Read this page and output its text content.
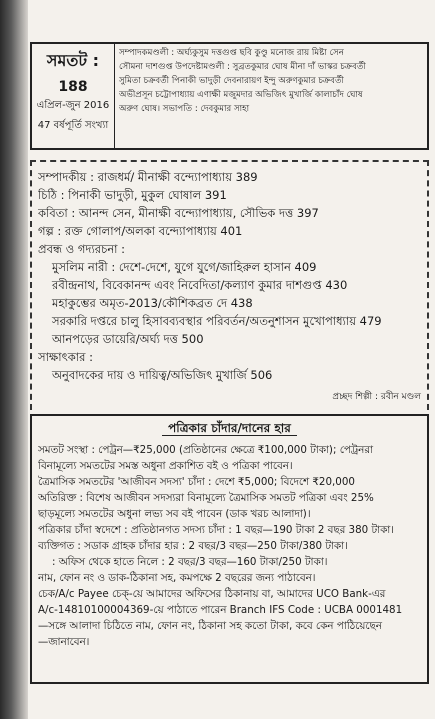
সমতট :
188
এপ্রিল-জুন 2016
47 বর্ষপূর্তি সংখ্যা
সম্পাদকমণ্ডলী : অর্ঘ্যকুসুম দত্তগুপ্ত ছবি কুণ্ডু মনোজ রায় মিষ্টা সেন
সৌমনা দাশগুপ্ত উপদেষ্টামণ্ডলী : সুব্রতকুমার ঘোষ মীনা দাঁ ভাস্কর চক্রবর্তী
সুমিতা চক্রবর্তী পিনাকী ভাদুড়ী দেবনারায়ণ ইন্দু অরুণকুমার চক্রবর্তী
অভীপ্রসূন চট্টোপাধ্যায় এণাক্ষী মজুমদার অভিজিৎ মুখার্জি কালাচাঁদ ঘোষ
অরুণ ঘোষ। সভাপতি : দেবকুমার সাহা
সম্পাদকীয় : রাজধর্ম/ মীনাক্ষী বন্দ্যোপাধ্যায় 389
চিঠি : পিনাকী ভাদুড়ী, মুকুল ঘোষাল 391
কবিতা : আনন্দ সেন, মীনাক্ষী বন্দ্যোপাধ্যায়, সৌভিক দত্ত 397
গল্প : রক্ত গোলাপ/অলকা বন্দ্যোপাধ্যায় 401
প্রবন্ধ ও গদ্যরচনা :
মুসলিম নারী : দেশে-দেশে, যুগে যুগে/জাহিরুল হাসান 409
রবীন্দ্রনাথ, বিবেকানন্দ এবং নিবেদিতা/কল্যাণ কুমার দাশগুপ্ত 430
মহাকুম্ভের অমৃত-2013/কৌশিকব্রত দে 438
সরকারি দপ্তরে চালু হিসাবব্যবস্থার পরিবর্তন/অতনুশাসন মুখোপাধ্যায় 479
আনপড়ের ডায়েরি/অর্ঘ্য দত্ত 500
সাক্ষাৎকার :
অনুবাদকের দায় ও দায়িত্ব/অভিজিৎ মুখার্জি 506
প্রচ্ছদ শিল্পী : রবীন মণ্ডল
পত্রিকার চাঁদার/দানের হার
সমতট সংস্থা : পেট্রন—₹25,000 (প্রতিষ্ঠানের ক্ষেত্রে ₹100,000 টাকা); পেট্রনরা
বিনামূল্যে সমতটের সমস্ত অধুনা প্রকাশিত বই ও পত্রিকা পাবেন।
ত্রৈমাসিক সমতটের 'আজীবন সদস্য' চাঁদা : দেশে ₹5,000; বিদেশে ₹20,000
অতিরিক্ত : বিশেষ আজীবন সদস্যরা বিনামূল্যে ত্রৈমাসিক সমতট পত্রিকা এবং 25%
ছাড়মূল্যে সমতটের অধুনা লভ্য সব বই পাবেন (ডাক খরচ আলাদা)।
পত্রিকার চাঁদা স্বদেশে : প্রতিষ্ঠানগত সদস্য চাঁদা : 1 বছর—190 টাকা 2 বছর 380 টাকা।
ব্যক্তিগত : সডাক গ্রাহক চাঁদার হার : 2 বছর/3 বছর—250 টাকা/380 টাকা।
: অফিস থেকে হাতে নিলে : 2 বছর/3 বছর—160 টাকা/250 টাকা।
নাম, ফোন নং ও ডাক-ঠিকানা সহ, কমপক্ষে 2 বছরের জন্য পাঠাবেন।
চেক/A/c Payee চেক্-য়ে আমাদের অফিসের ঠিকানায় বা, আমাদের UCO Bank-এর
A/c-14810100004369-য়ে পাঠাতে পারেন Branch IFS Code : UCBA 0001481
—সঙ্গে আলাদা চিঠিতে নাম, ফোন নং, ঠিকানা সহ কতো টাকা, কবে কেন পাঠিয়েছেন
—জানাবেন।
